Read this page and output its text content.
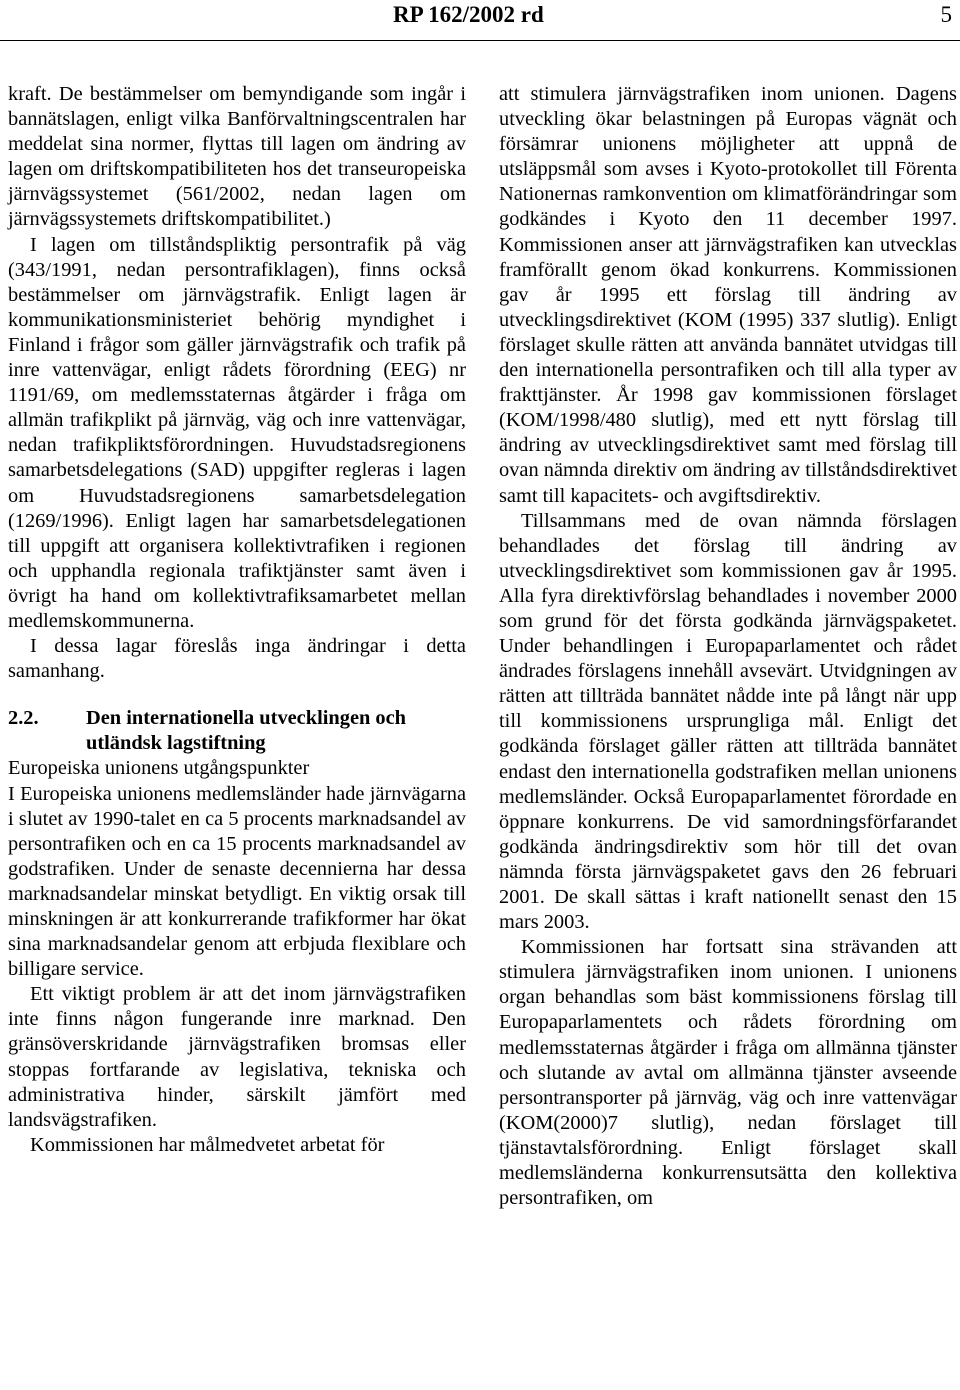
RP 162/2002 rd	5

kraft. De bestämmelser om bemyndigande som ingår i bannätslagen, enligt vilka Banförvaltningscentralen har meddelat sina normer, flyttas till lagen om ändring av lagen om driftskompatibiliteten hos det transeuropeiska järnvägssystemet (561/2002, nedan lagen om järnvägssystemets driftskompatibilitet.)

I lagen om tillståndspliktig persontrafik på väg (343/1991, nedan persontrafiklagen), finns också bestämmelser om järnvägstrafik. Enligt lagen är kommunikationsministeriet behörig myndighet i Finland i frågor som gäller järnvägstrafik och trafik på inre vattenvägar, enligt rådets förordning (EEG) nr 1191/69, om medlemsstaternas åtgärder i fråga om allmän trafikplikt på järnväg, väg och inre vattenvägar, nedan trafikpliktsförordningen. Huvudstadsregionens samarbetsdelegations (SAD) uppgifter regleras i lagen om Huvudstadsregionens samarbetsdelegation (1269/1996). Enligt lagen har samarbetsdelegationen till uppgift att organisera kollektivtrafiken i regionen och upphandla regionala trafiktjänster samt även i övrigt ha hand om kollektivtrafiksamarbetet mellan medlemskommunerna.

I dessa lagar föreslås inga ändringar i detta samanhang.

2.2.	Den internationella utvecklingen och utländsk lagstiftning

Europeiska unionens utgångspunkter

I Europeiska unionens medlemsländer hade järnvägarna i slutet av 1990-talet en ca 5 procents marknadsandel av persontrafiken och en ca 15 procents marknadsandel av godstrafiken. Under de senaste decennierna har dessa marknadsandelar minskat betydligt. En viktig orsak till minskningen är att konkurrerande trafikformer har ökat sina marknadsandelar genom att erbjuda flexiblare och billigare service.

Ett viktigt problem är att det inom järnvägstrafiken inte finns någon fungerande inre marknad. Den gränsöverskridande järnvägstrafiken bromsas eller stoppas fortfarande av legislativa, tekniska och administrativa hinder, särskilt jämfört med landsvägstrafiken.

Kommissionen har målmedvetet arbetat för

att stimulera järnvägstrafiken inom unionen. Dagens utveckling ökar belastningen på Europas vägnät och försämrar unionens möjligheter att uppnå de utsläppsmål som avses i Kyoto-protokollet till Förenta Nationernas ramkonvention om klimatförändringar som godkändes i Kyoto den 11 december 1997. Kommissionen anser att järnvägstrafiken kan utvecklas framförallt genom ökad konkurrens. Kommissionen gav år 1995 ett förslag till ändring av utvecklingsdirektivet (KOM (1995) 337 slutlig). Enligt förslaget skulle rätten att använda bannätet utvidgas till den internationella persontrafiken och till alla typer av frakttjänster. År 1998 gav kommissionen förslaget (KOM/1998/480 slutlig), med ett nytt förslag till ändring av utvecklingsdirektivet samt med förslag till ovan nämnda direktiv om ändring av tillståndsdirektivet samt till kapacitets- och avgiftsdirektiv.

Tillsammans med de ovan nämnda förslagen behandlades det förslag till ändring av utvecklingsdirektivet som kommissionen gav år 1995. Alla fyra direktivförslag behandlades i november 2000 som grund för det första godkända järnvägspaketet. Under behandlingen i Europaparlamentet och rådet ändrades förslagens innehåll avsevärt. Utvidgningen av rätten att tillträda bannätet nådde inte på långt när upp till kommissionens ursprungliga mål. Enligt det godkända förslaget gäller rätten att tillträda bannätet endast den internationella godstrafiken mellan unionens medlemsländer. Också Europaparlamentet förordade en öppnare konkurrens. De vid samordningsförfarandet godkända ändringsdirektiv som hör till det ovan nämnda första järnvägspaketet gavs den 26 februari 2001. De skall sättas i kraft nationellt senast den 15 mars 2003.

Kommissionen har fortsatt sina strävanden att stimulera järnvägstrafiken inom unionen. I unionens organ behandlas som bäst kommissionens förslag till Europaparlamentets och rådets förordning om medlemsstaternas åtgärder i fråga om allmänna tjänster och slutande av avtal om allmänna tjänster avseende persontransporter på järnväg, väg och inre vattenvägar (KOM(2000)7 slutlig), nedan förslaget till tjänstavtalsförordning. Enligt förslaget skall medlemsländerna konkurrensutsätta den kollektiva persontrafiken, om
